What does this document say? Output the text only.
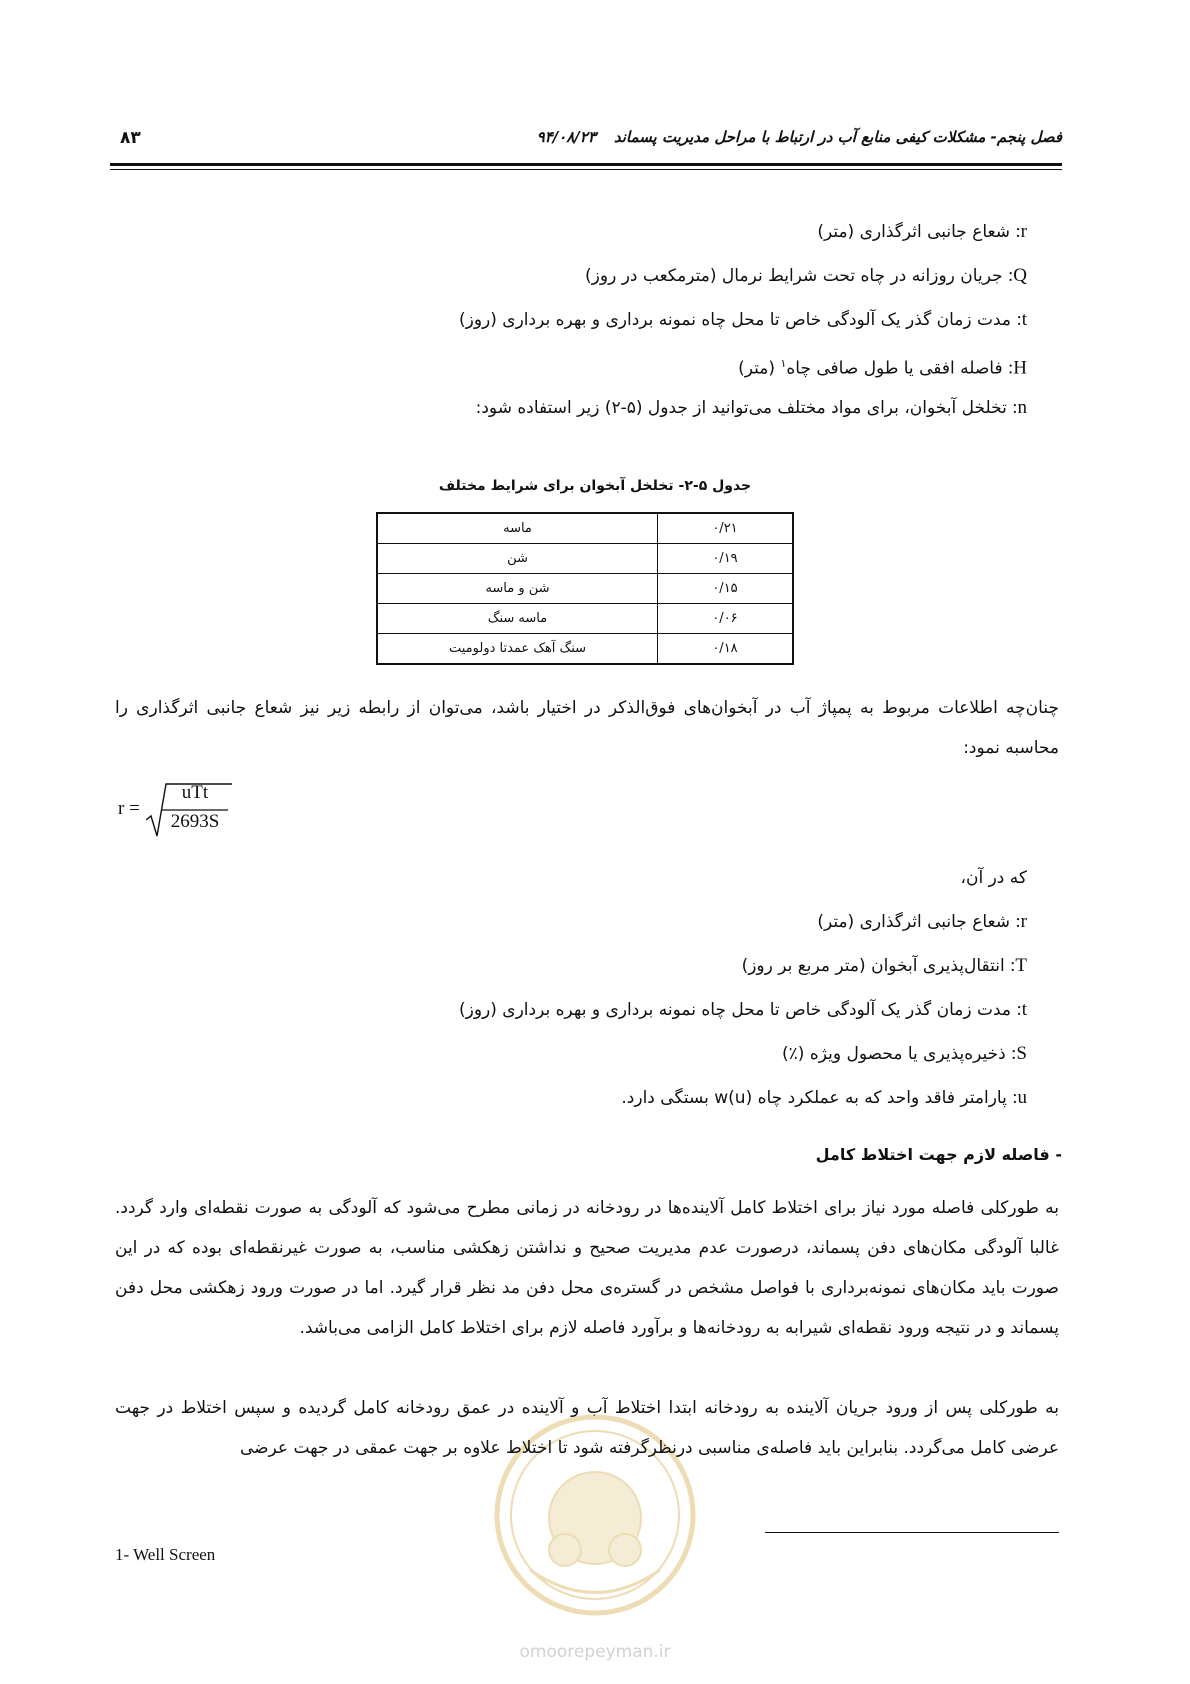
فصل پنجم- مشکلات کیفی منابع آب در ارتباط با مراحل مدیریت پسماند۹۴/۰۸/۲۳
۸۳
r: شعاع جانبی اثرگذاری (متر)
Q: جریان روزانه در چاه تحت شرایط نرمال (مترمکعب در روز)
t: مدت زمان گذر یک آلودگی خاص تا محل چاه نمونه برداری و بهره برداری (روز)
H: فاصله افقی یا طول صافی چاه$^۱$ (متر)
n: تخلخل آبخوان، برای مواد مختلف می‌توانید از جدول (۵-۲) زیر استفاده شود:
جدول ۵-۲- تخلخل آبخوان برای شرایط مختلف
۰/۲۱	ماسه
۰/۱۹	شن
۰/۱۵	شن و ماسه
۰/۰۶	ماسه سنگ
۰/۱۸	سنگ آهک عمدتا دولومیت
چنان‌چه اطلاعات مربوط به پمپاژ آب در آبخوان‌های فوق‌الذکر در اختیار باشد، می‌توان از رابطه زیر نیز شعاع جانبی اثرگذاری را محاسبه نمود:
r =
uTt
2693S
که در آن،
r: شعاع جانبی اثرگذاری (متر)
T: انتقال‌پذیری آبخوان (متر مربع بر روز)
t: مدت زمان گذر یک آلودگی خاص تا محل چاه نمونه برداری و بهره برداری (روز)
S: ذخیره‌پذیری یا محصول ویژه (٪)
u: پارامتر فاقد واحد که به عملکرد چاه w(u) بستگی دارد.
- فاصله لازم جهت اختلاط کامل
به طورکلی فاصله مورد نیاز برای اختلاط کامل آلاینده‌ها در رودخانه در زمانی مطرح می‌شود که آلودگی به صورت نقطه‌ای وارد گردد. غالبا آلودگی مکان‌های دفن پسماند، درصورت عدم مدیریت صحیح و نداشتن زهکشی مناسب، به صورت غیرنقطه‌ای بوده که در این صورت باید مکان‌های نمونه‌برداری با فواصل مشخص در گستره‌ی محل دفن مد نظر قرار گیرد. اما در صورت ورود زهکشی محل دفن پسماند و در نتیجه ورود نقطه‌ای شیرابه به رودخانه‌ها و برآورد فاصله لازم برای اختلاط کامل الزامی می‌باشد.
omoorepeyman.ir
به طورکلی پس از ورود جریان آلاینده به رودخانه ابتدا اختلاط آب و آلاینده در عمق رودخانه کامل گردیده و سپس اختلاط در جهت عرضی کامل می‌گردد. بنابراین باید فاصله‌ی مناسبی درنظرگرفته شود تا اختلاط علاوه بر جهت عمقی در جهت عرضی
1- Well Screen
